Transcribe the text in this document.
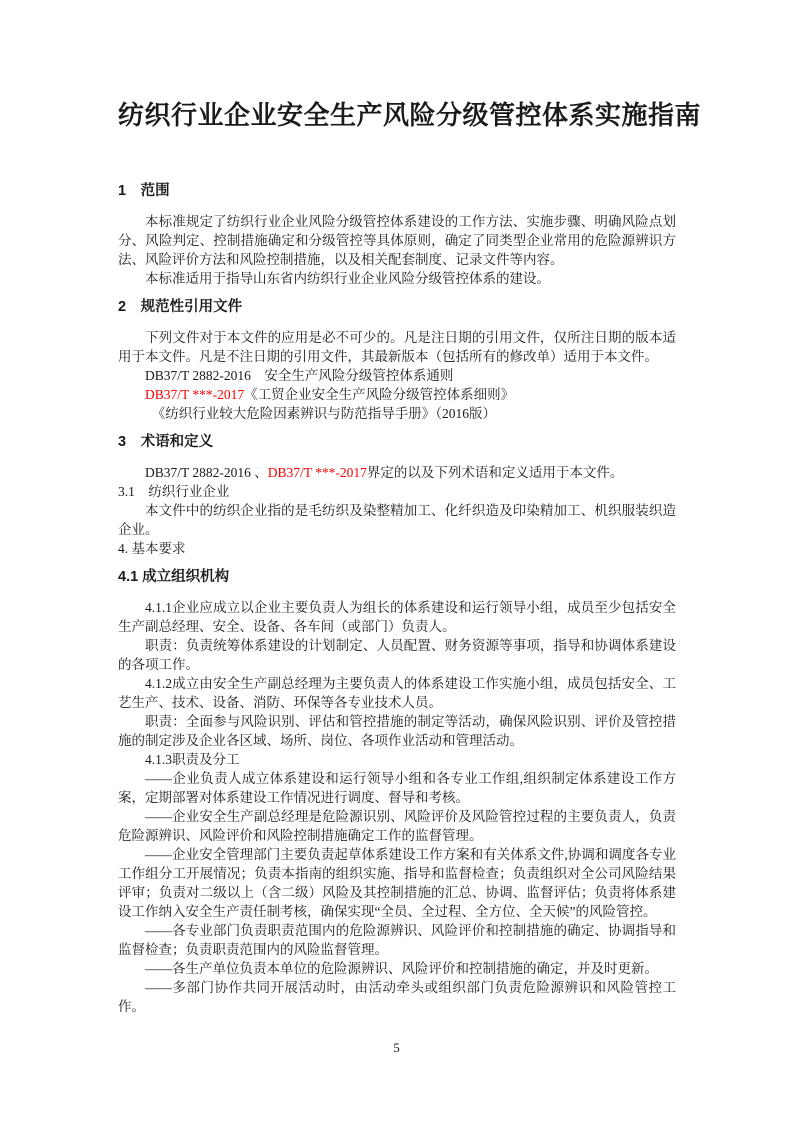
纺织行业企业安全生产风险分级管控体系实施指南
1　范围

本标准规定了纺织行业企业风险分级管控体系建设的工作方法、实施步骤、明确风险点划分、风险判定、控制措施确定和分级管控等具体原则，确定了同类型企业常用的危险源辨识方法、风险评价方法和风险控制措施，以及相关配套制度、记录文件等内容。

本标准适用于指导山东省内纺织行业企业风险分级管控体系的建设。

2　规范性引用文件

下列文件对于本文件的应用是必不可少的。凡是注日期的引用文件，仅所注日期的版本适用于本文件。凡是不注日期的引用文件，其最新版本（包括所有的修改单）适用于本文件。

DB37/T 2882-2016　安全生产风险分级管控体系通则

DB37/T ***-2017《工贸企业安全生产风险分级管控体系细则》

《纺织行业较大危险因素辨识与防范指导手册》（2016版）

3　术语和定义

DB37/T 2882-2016 、DB37/T ***-2017界定的以及下列术语和定义适用于本文件。

3.1　纺织行业企业

本文件中的纺织企业指的是毛纺织及染整精加工、化纤织造及印染精加工、机织服装织造企业。

4. 基本要求

4.1 成立组织机构

4.1.1企业应成立以企业主要负责人为组长的体系建设和运行领导小组，成员至少包括安全生产副总经理、安全、设备、各车间（或部门）负责人。

职责：负责统筹体系建设的计划制定、人员配置、财务资源等事项，指导和协调体系建设的各项工作。

4.1.2成立由安全生产副总经理为主要负责人的体系建设工作实施小组，成员包括安全、工艺生产、技术、设备、消防、环保等各专业技术人员。

职责：全面参与风险识别、评估和管控措施的制定等活动，确保风险识别、评价及管控措施的制定涉及企业各区域、场所、岗位、各项作业活动和管理活动。

4.1.3职责及分工

——企业负责人成立体系建设和运行领导小组和各专业工作组,组织制定体系建设工作方案，定期部署对体系建设工作情况进行调度、督导和考核。

——企业安全生产副总经理是危险源识别、风险评价及风险管控过程的主要负责人，负责危险源辨识、风险评价和风险控制措施确定工作的监督管理。

——企业安全管理部门主要负责起草体系建设工作方案和有关体系文件,协调和调度各专业工作组分工开展情况；负责本指南的组织实施、指导和监督检查；负责组织对全公司风险结果评审；负责对二级以上（含二级）风险及其控制措施的汇总、协调、监督评估；负责将体系建设工作纳入安全生产责任制考核，确保实现“全员、全过程、全方位、全天候”的风险管控。

——各专业部门负责职责范围内的危险源辨识、风险评价和控制措施的确定、协调指导和监督检查；负责职责范围内的风险监督管理。

——各生产单位负责本单位的危险源辨识、风险评价和控制措施的确定，并及时更新。

——多部门协作共同开展活动时，由活动牵头或组织部门负责危险源辨识和风险管控工作。

5
